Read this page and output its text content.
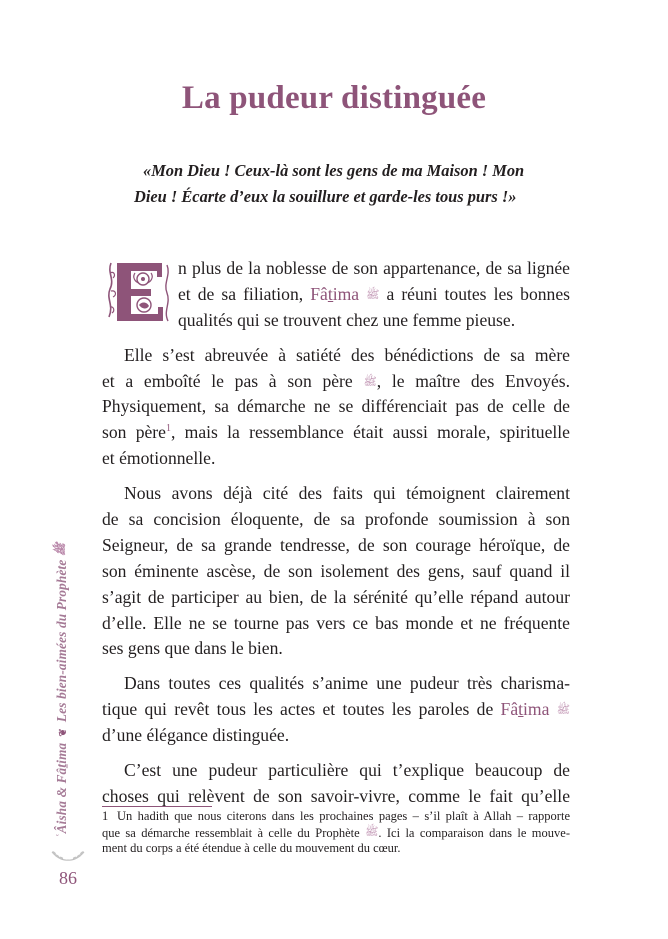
La pudeur distinguée
«Mon Dieu ! Ceux-là sont les gens de ma Maison ! Mon
Dieu ! Écarte d’eux la souillure et garde-les tous purs !»
n plus de la noblesse de son appartenance, de sa lignée
et de sa filiation, Fâṯima ﷺ a réuni toutes les bonnes
qualités qui se trouvent chez une femme pieuse.
Elle s’est abreuvée à satiété des bénédictions de sa mère
et a emboîté le pas à son père ﷺ, le maître des Envoyés.
Physiquement, sa démarche ne se différenciait pas de celle de
son père$^1$, mais la ressemblance était aussi morale, spirituelle
et émotionnelle.
Nous avons déjà cité des faits qui témoignent clairement
de sa concision éloquente, de sa profonde soumission à son
Seigneur, de sa grande tendresse, de son courage héroïque, de
son éminente ascèse, de son isolement des gens, sauf quand il
s’agit de participer au bien, de la sérénité qu’elle répand autour
d’elle. Elle ne se tourne pas vers ce bas monde et ne fréquente
ses gens que dans le bien.
Dans toutes ces qualités s’anime une pudeur très charisma-
tique qui revêt tous les actes et toutes les paroles de Fâṯima ﷺ
d’une élégance distinguée.
C’est une pudeur particulière qui t’explique beaucoup de
choses qui relèvent de son savoir-vivre, comme le fait qu’elle
1 Un hadith que nous citerons dans les prochaines pages – s’il plaît à Allah – rapporte
que sa démarche ressemblait à celle du Prophète ﷺ. Ici la comparaison dans le mouve-
ment du corps a été étendue à celle du mouvement du cœur.
ʿÂisha & Fâṯima❦Les bien-aimées du Prophète ﷺ
86
